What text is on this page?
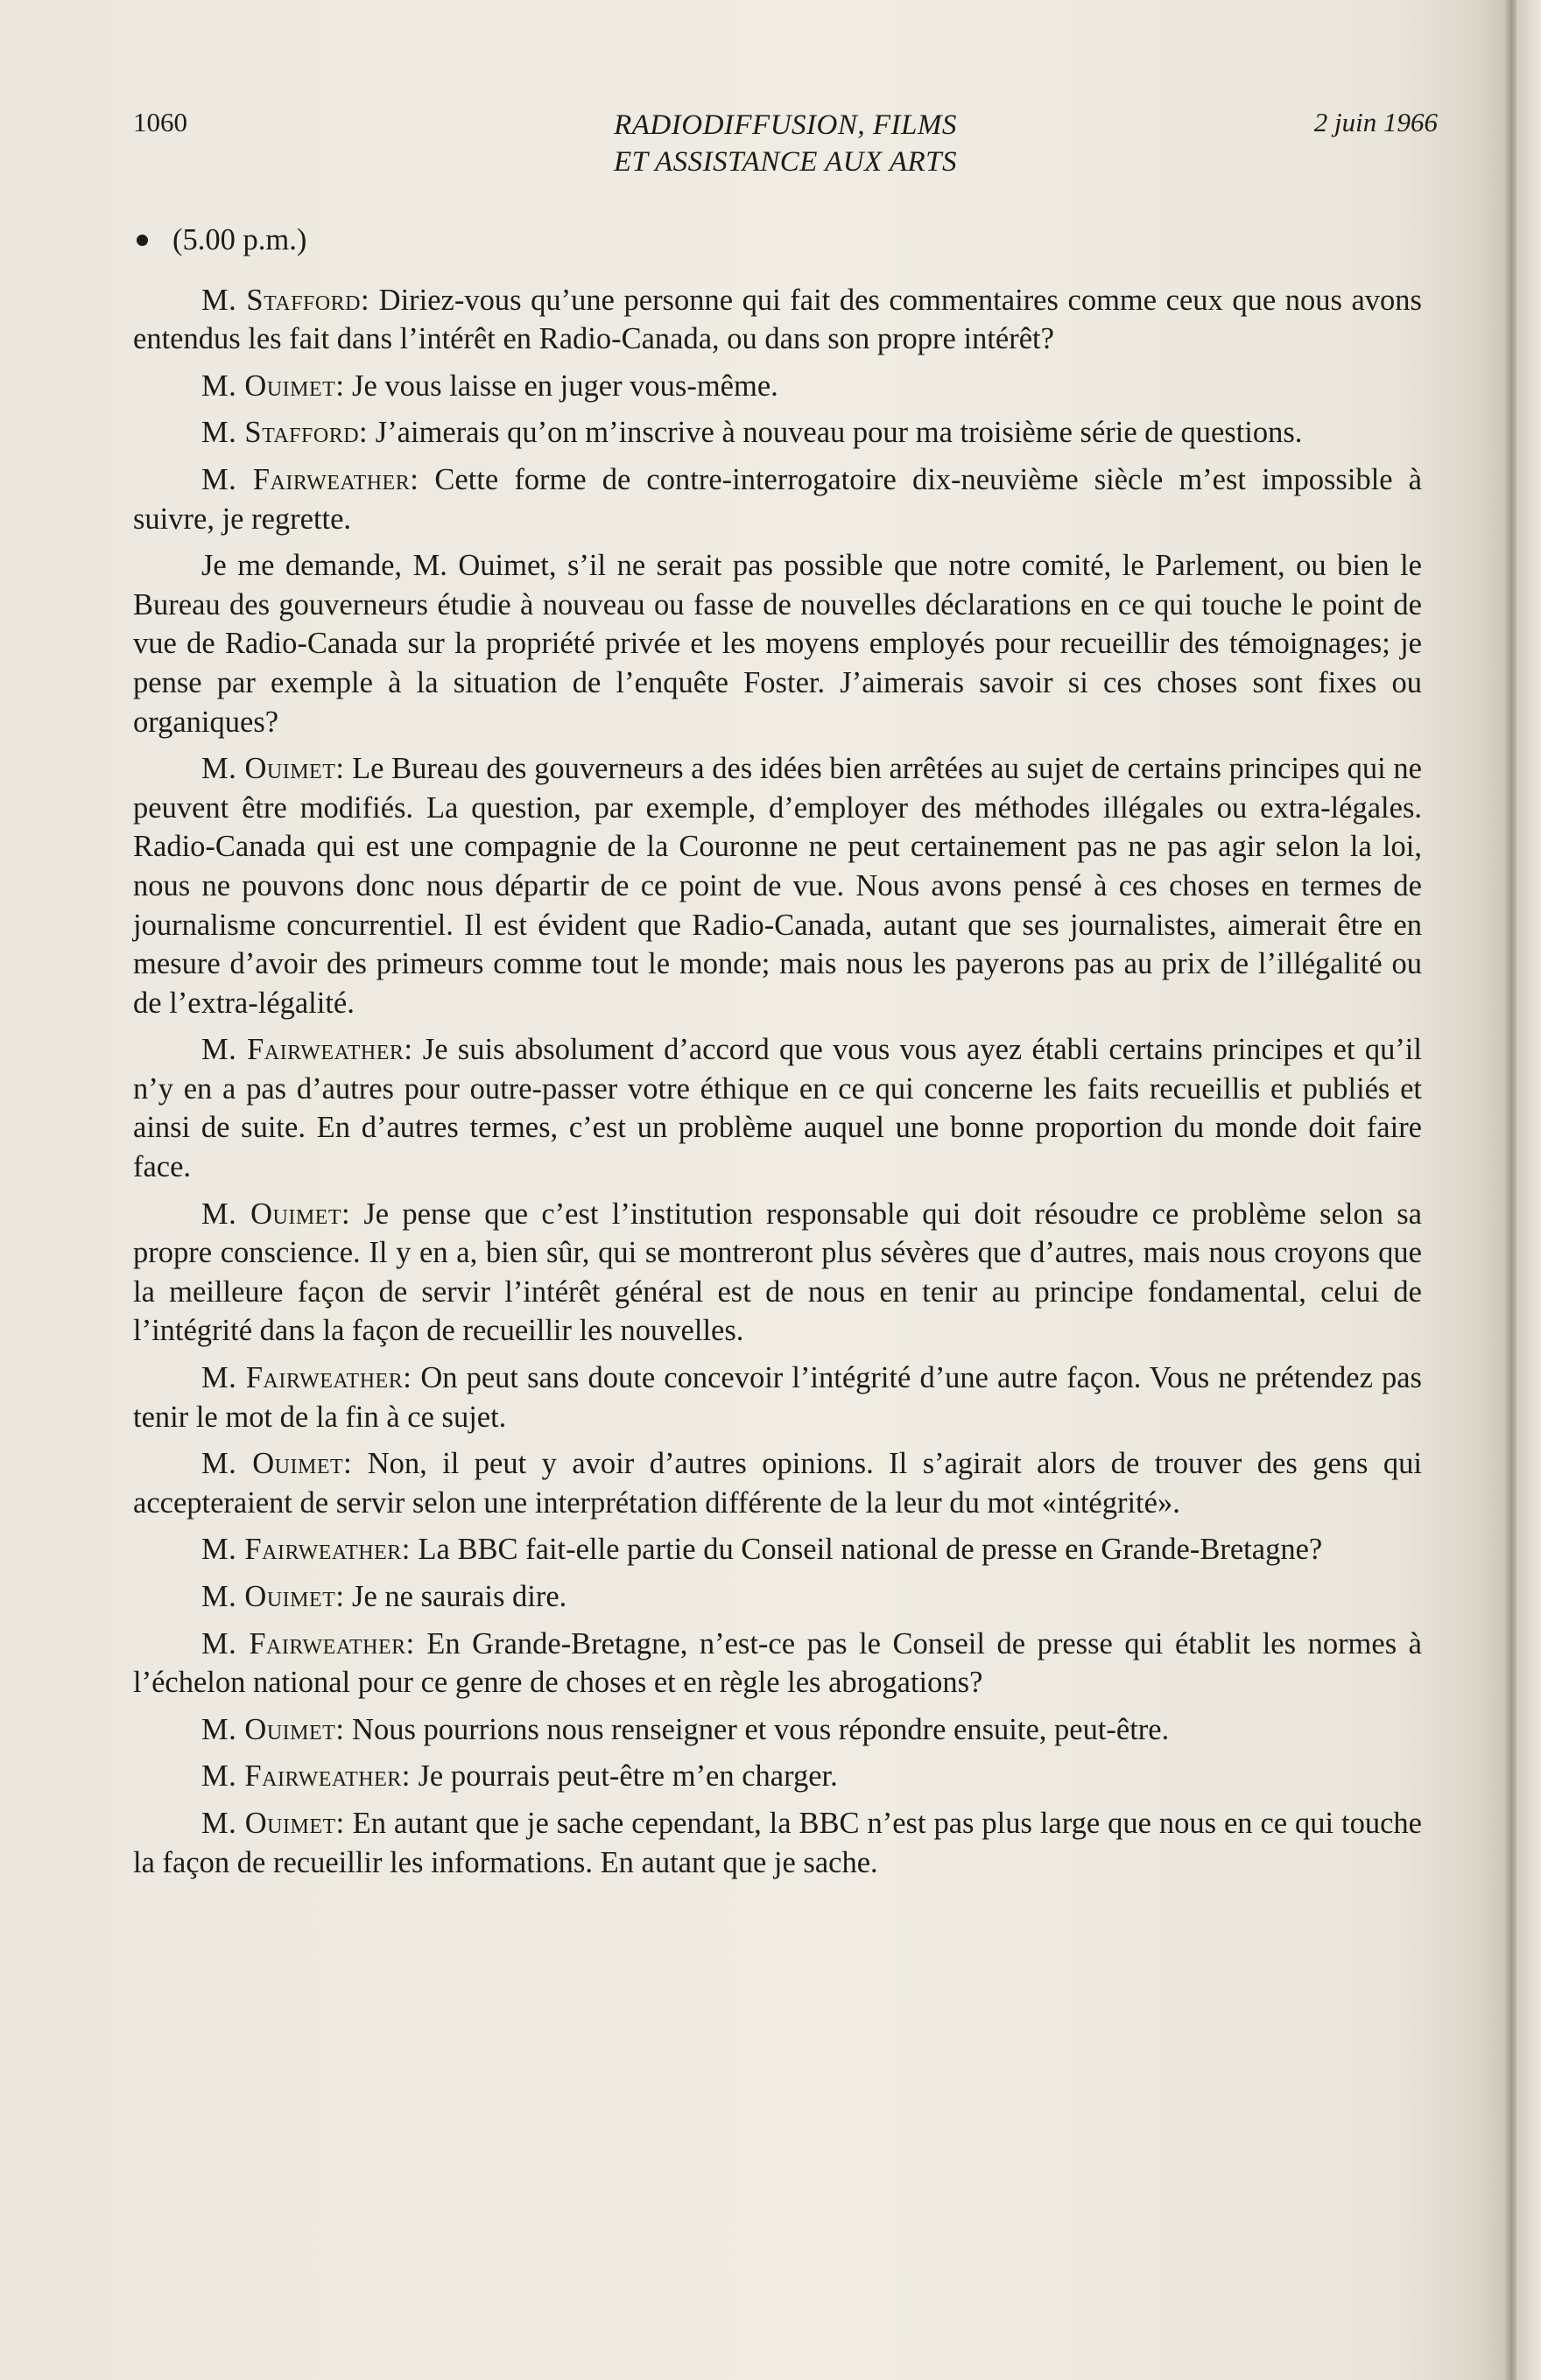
1060	RADIODIFFUSION, FILMS
ET ASSISTANCE AUX ARTS
2 juin 1966
(5.00 p.m.)

M. Stafford: Diriez-vous qu’une personne qui fait des commentaires comme ceux que nous avons entendus les fait dans l’intérêt en Radio-Canada, ou dans son propre intérêt?

M. Ouimet: Je vous laisse en juger vous-même.

M. Stafford: J’aimerais qu’on m’inscrive à nouveau pour ma troisième série de questions.

M. Fairweather: Cette forme de contre-interrogatoire dix-neuvième siècle m’est impossible à suivre, je regrette.

Je me demande, M. Ouimet, s’il ne serait pas possible que notre comité, le Parlement, ou bien le Bureau des gouverneurs étudie à nouveau ou fasse de nouvelles déclarations en ce qui touche le point de vue de Radio-Canada sur la propriété privée et les moyens employés pour recueillir des témoignages; je pense par exemple à la situation de l’enquête Foster. J’aimerais savoir si ces choses sont fixes ou organiques?

M. Ouimet: Le Bureau des gouverneurs a des idées bien arrêtées au sujet de certains principes qui ne peuvent être modifiés. La question, par exemple, d’employer des méthodes illégales ou extra-légales. Radio-Canada qui est une compagnie de la Couronne ne peut certainement pas ne pas agir selon la loi, nous ne pouvons donc nous départir de ce point de vue. Nous avons pensé à ces choses en termes de journalisme concurrentiel. Il est évident que Radio-Canada, autant que ses journalistes, aimerait être en mesure d’avoir des primeurs comme tout le monde; mais nous les payerons pas au prix de l’illégalité ou de l’extra-légalité.

M. Fairweather: Je suis absolument d’accord que vous vous ayez établi certains principes et qu’il n’y en a pas d’autres pour outre-passer votre éthique en ce qui concerne les faits recueillis et publiés et ainsi de suite. En d’autres termes, c’est un problème auquel une bonne proportion du monde doit faire face.

M. Ouimet: Je pense que c’est l’institution responsable qui doit résoudre ce problème selon sa propre conscience. Il y en a, bien sûr, qui se montreront plus sévères que d’autres, mais nous croyons que la meilleure façon de servir l’intérêt général est de nous en tenir au principe fondamental, celui de l’intégrité dans la façon de recueillir les nouvelles.

M. Fairweather: On peut sans doute concevoir l’intégrité d’une autre façon. Vous ne prétendez pas tenir le mot de la fin à ce sujet.

M. Ouimet: Non, il peut y avoir d’autres opinions. Il s’agirait alors de trouver des gens qui accepteraient de servir selon une interprétation différente de la leur du mot «intégrité».

M. Fairweather: La BBC fait-elle partie du Conseil national de presse en Grande-Bretagne?

M. Ouimet: Je ne saurais dire.

M. Fairweather: En Grande-Bretagne, n’est-ce pas le Conseil de presse qui établit les normes à l’échelon national pour ce genre de choses et en règle les abrogations?

M. Ouimet: Nous pourrions nous renseigner et vous répondre ensuite, peut-être.

M. Fairweather: Je pourrais peut-être m’en charger.

M. Ouimet: En autant que je sache cependant, la BBC n’est pas plus large que nous en ce qui touche la façon de recueillir les informations. En autant que je sache.
